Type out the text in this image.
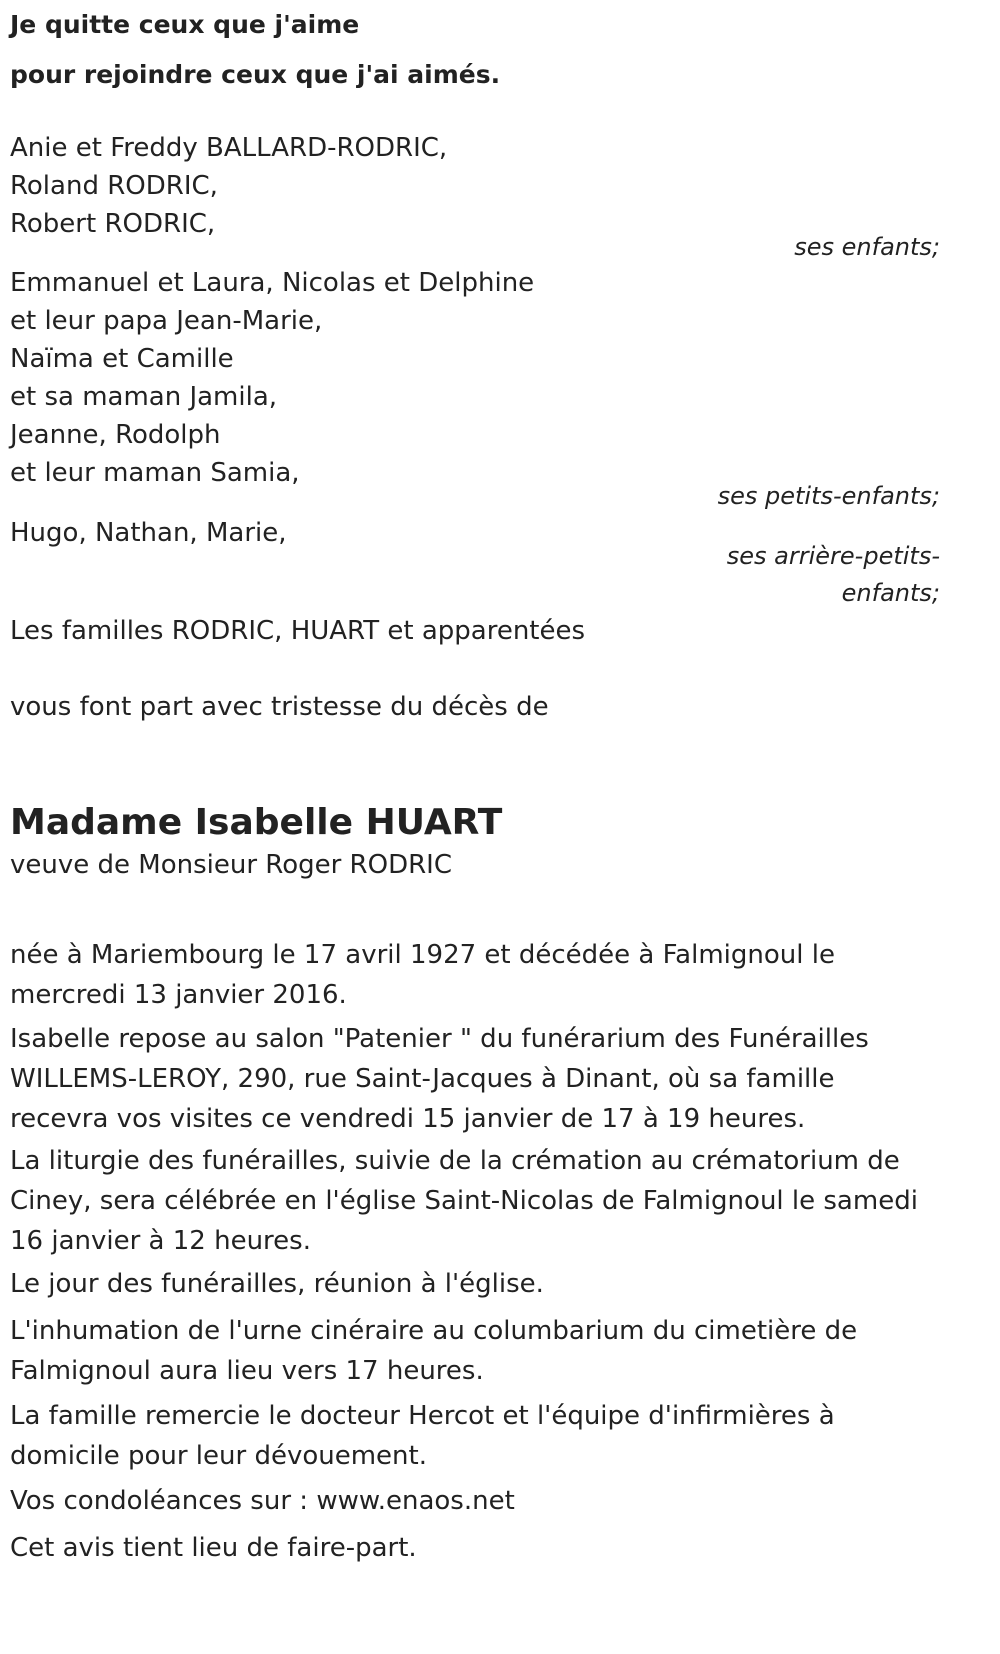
Je quitte ceux que j'aime

pour rejoindre ceux que j'ai aimés.

Anie et Freddy BALLARD-RODRIC,

Roland RODRIC,

Robert RODRIC,

ses enfants;

Emmanuel et Laura, Nicolas et Delphine

et leur papa Jean-Marie,

Naïma et Camille

et sa maman Jamila,

Jeanne, Rodolph

et leur maman Samia,

ses petits-enfants;

Hugo, Nathan, Marie,

ses arrière-petits-

enfants;

Les familles RODRIC, HUART et apparentées

vous font part avec tristesse du décès de

Madame Isabelle HUART

veuve de Monsieur Roger RODRIC

née à Mariembourg le 17 avril 1927 et décédée à Falmignoul le mercredi 13 janvier 2016.

Isabelle repose au salon "Patenier " du funérarium des Funérailles WILLEMS-LEROY, 290, rue Saint-Jacques à Dinant, où sa famille recevra vos visites ce vendredi 15 janvier de 17 à 19 heures.

La liturgie des funérailles, suivie de la crémation au crématorium de Ciney, sera célébrée en l'église Saint-Nicolas de Falmignoul le samedi 16 janvier à 12 heures.

Le jour des funérailles, réunion à l'église.

L'inhumation de l'urne cinéraire au columbarium du cimetière de Falmignoul aura lieu vers 17 heures.

La famille remercie le docteur Hercot et l'équipe d'infirmières à domicile pour leur dévouement.

Vos condoléances sur : www.enaos.net

Cet avis tient lieu de faire-part.
